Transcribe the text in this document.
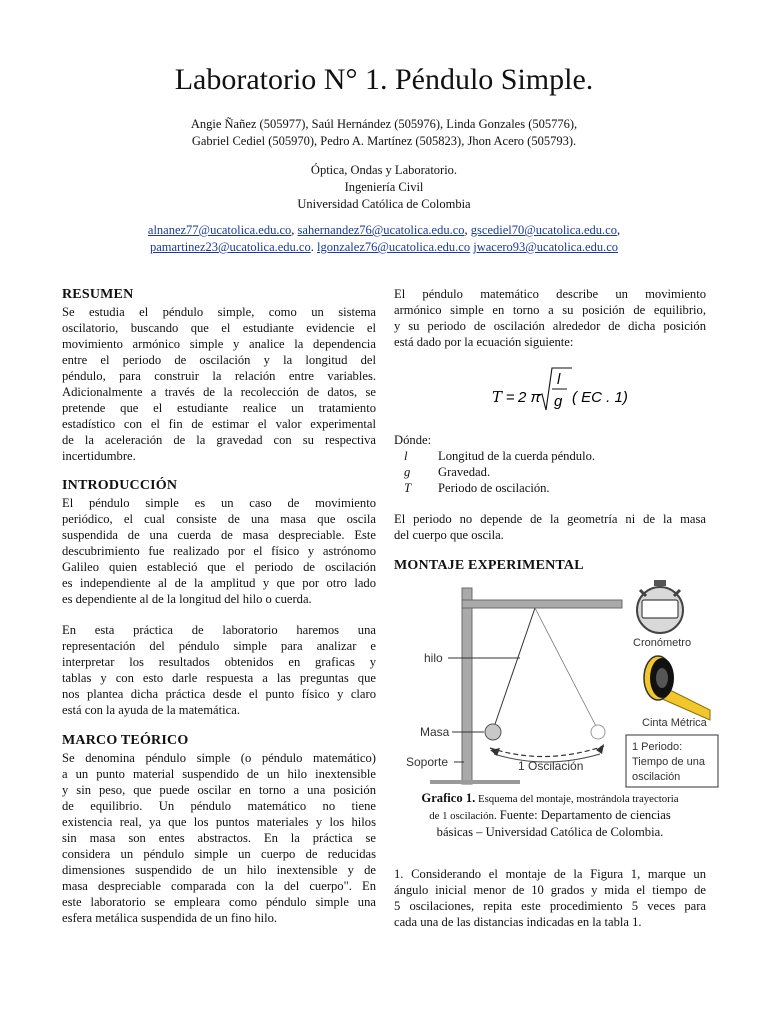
Laboratorio N° 1. Péndulo Simple.
Angie Ñañez (505977), Saúl Hernández (505976), Linda Gonzales (505776),
Gabriel Cediel (505970), Pedro A. Martínez (505823), Jhon Acero (505793).
Óptica, Ondas y Laboratorio.
Ingeniería Civil
Universidad Católica de Colombia
alnanez77@ucatolica.edu.co, sahernandez76@ucatolica.edu.co, gscediel70@ucatolica.edu.co,
pamartinez23@ucatolica.edu.co. lgonzalez76@ucatolica.edu.co jwacero93@ucatolica.edu.co
RESUMEN
Se estudia el péndulo simple, como un sistema
oscilatorio, buscando que el estudiante evidencie el
movimiento armónico simple y analice la dependencia
entre el periodo de oscilación y la longitud del
péndulo, para construir la relación entre variables.
Adicionalmente a través de la recolección de datos, se
pretende que el estudiante realice un tratamiento
estadístico con el fin de estimar el valor experimental
de la aceleración de la gravedad con su respectiva
incertidumbre.
INTRODUCCIÓN
El péndulo simple es un caso de movimiento
periódico, el cual consiste de una masa que oscila
suspendida de una cuerda de masa despreciable. Este
descubrimiento fue realizado por el físico y astrónomo
Galileo quien estableció que el periodo de oscilación
es independiente al de la amplitud y que por otro lado
es dependiente al de la longitud del hilo o cuerda.
En esta práctica de laboratorio haremos una
representación del péndulo simple para analizar e
interpretar los resultados obtenidos en graficas y
tablas y con esto darle respuesta a las preguntas que
nos plantea dicha práctica desde el punto físico y claro
está con la ayuda de la matemática.
MARCO TEÓRICO
Se denomina péndulo simple (o péndulo matemático)
a un punto material suspendido de un hilo inextensible
y sin peso, que puede oscilar en torno a una posición
de equilibrio. Un péndulo matemático no tiene
existencia real, ya que los puntos materiales y los hilos
sin masa son entes abstractos. En la práctica se
considera un péndulo simple un cuerpo de reducidas
dimensiones suspendido de un hilo inextensible y de
masa despreciable comparada con la del cuerpo". En
este laboratorio se empleara como péndulo simple una
esfera metálica suspendida de un fino hilo.
El péndulo matemático describe un movimiento
armónico simple en torno a su posición de equilibrio,
y su periodo de oscilación alrededor de dicha posición
está dado por la ecuación siguiente:
T = 2 π
l
g ( EC . 1)
Dónde:
l	Longitud de la cuerda péndulo.
g	Gravedad.
T	Periodo de oscilación.
El periodo no depende de la geometría ni de la masa
del cuerpo que oscila.
MONTAJE EXPERIMENTAL
hilo
Masa
Soporte	1 Oscilación
Cronómetro
Cinta Métrica
1 Periodo:
Tiempo de una
oscilación
Grafico 1. Esquema del montaje, mostrándola trayectoria
de 1 oscilación. Fuente: Departamento de ciencias
básicas – Universidad Católica de Colombia.
1. Considerando el montaje de la Figura 1, marque un
ángulo inicial menor de 10 grados y mida el tiempo de
5 oscilaciones, repita este procedimiento 5 veces para
cada una de las distancias indicadas en la tabla 1.
